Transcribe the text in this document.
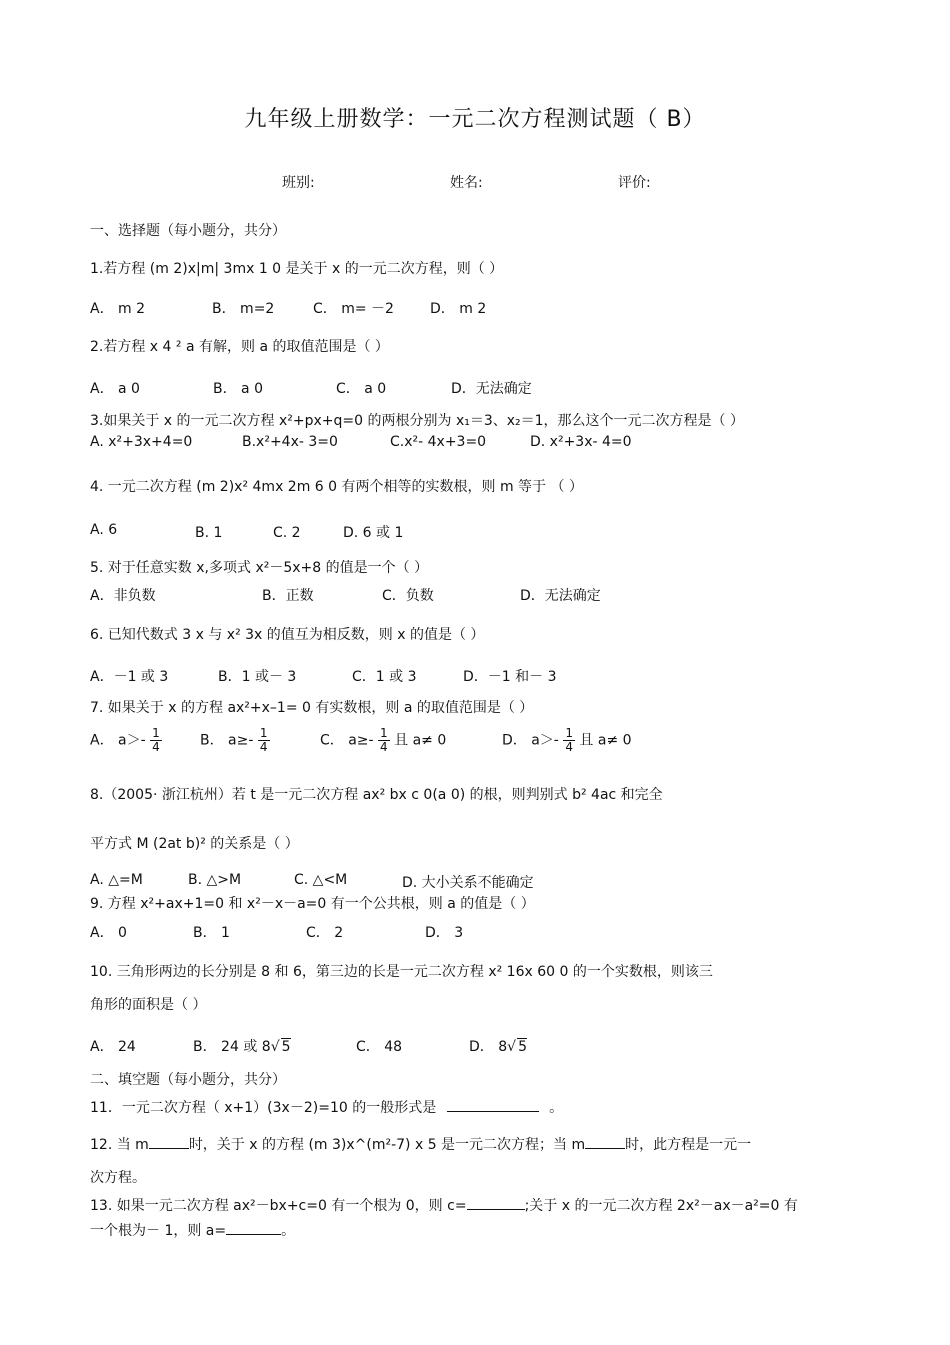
九年级上册数学：一元二次方程测试题（ B）
班别:	姓名:	评价:
一、选择题（每小题分，共分）
1.若方程 (m 2)x|m| 3mx 1 0 是关于 x 的一元二次方程，则（ ）
A． m 2	B． m=2	C． m= －2	D． m 2
2.若方程 x 4 ² a 有解，则 a 的取值范围是（ ）
A． a 0	B． a 0	C． a 0	D．无法确定
3.如果关于 x 的一元二次方程 x²+px+q=0 的两根分别为 x₁＝3、x₂＝1，那么这个一元二次方程是（ ）
A. x²+3x+4=0	B.x²+4x- 3=0	C.x²- 4x+3=0	D. x²+3x- 4=0
4. 一元二次方程 (m 2)x² 4mx 2m 6 0 有两个相等的实数根，则 m 等于 （ ）
A. 6	B. 1	C. 2	D. 6 或 1
5. 对于任意实数 x,多项式 x²－5x+8 的值是一个（ ）
A．非负数	B．正数	C．负数	D．无法确定
6. 已知代数式 3 x 与 x² 3x 的值互为相反数，则 x 的值是（ ）
A．－1 或 3	B．1 或－ 3	C．1 或 3	D．－1 和－ 3
7. 如果关于 x 的方程 ax²+x–1= 0 有实数根，则 a 的取值范围是（ ）
A． $a>- \frac{1}{4}$	B． $a\ge- \frac{1}{4}$	C． $a\ge- \frac{1}{4}$ 且 a≠ 0	D． $a>- \frac{1}{4}$ 且 a≠ 0
8.（2005· 浙江杭州）若 t 是一元二次方程 ax² bx c 0(a 0) 的根，则判别式 b² 4ac 和完全
平方式 M (2at b)² 的关系是（ ）
A. △=M	B. △>M	C. △<M	D. 大小关系不能确定
9. 方程 x²+ax+1=0 和 x²－x－a=0 有一个公共根，则 a 的值是（ ）
A． 0	B． 1	C． 2	D． 3
10. 三角形两边的长分别是 8 和 6，第三边的长是一元二次方程 x² 16x 60 0 的一个实数根，则该三
角形的面积是（ ）
A． 24	B． 24 或 8√ 5	C． 48	D． 8√ 5
二、填空题（每小题分，共分）
11．一元二次方程（ x+1）(3x－2)=10 的一般形式是	。
12. 当 m	时，关于 x 的方程 (m 3)x^(m²-7) x 5 是一元二次方程；当 m	时，此方程是一元一
次方程。
13. 如果一元二次方程 ax²－bx+c=0 有一个根为 0，则 c=	;关于 x 的一元二次方程 2x²－ax－a²=0 有
一个根为－ 1，则 a=	。
